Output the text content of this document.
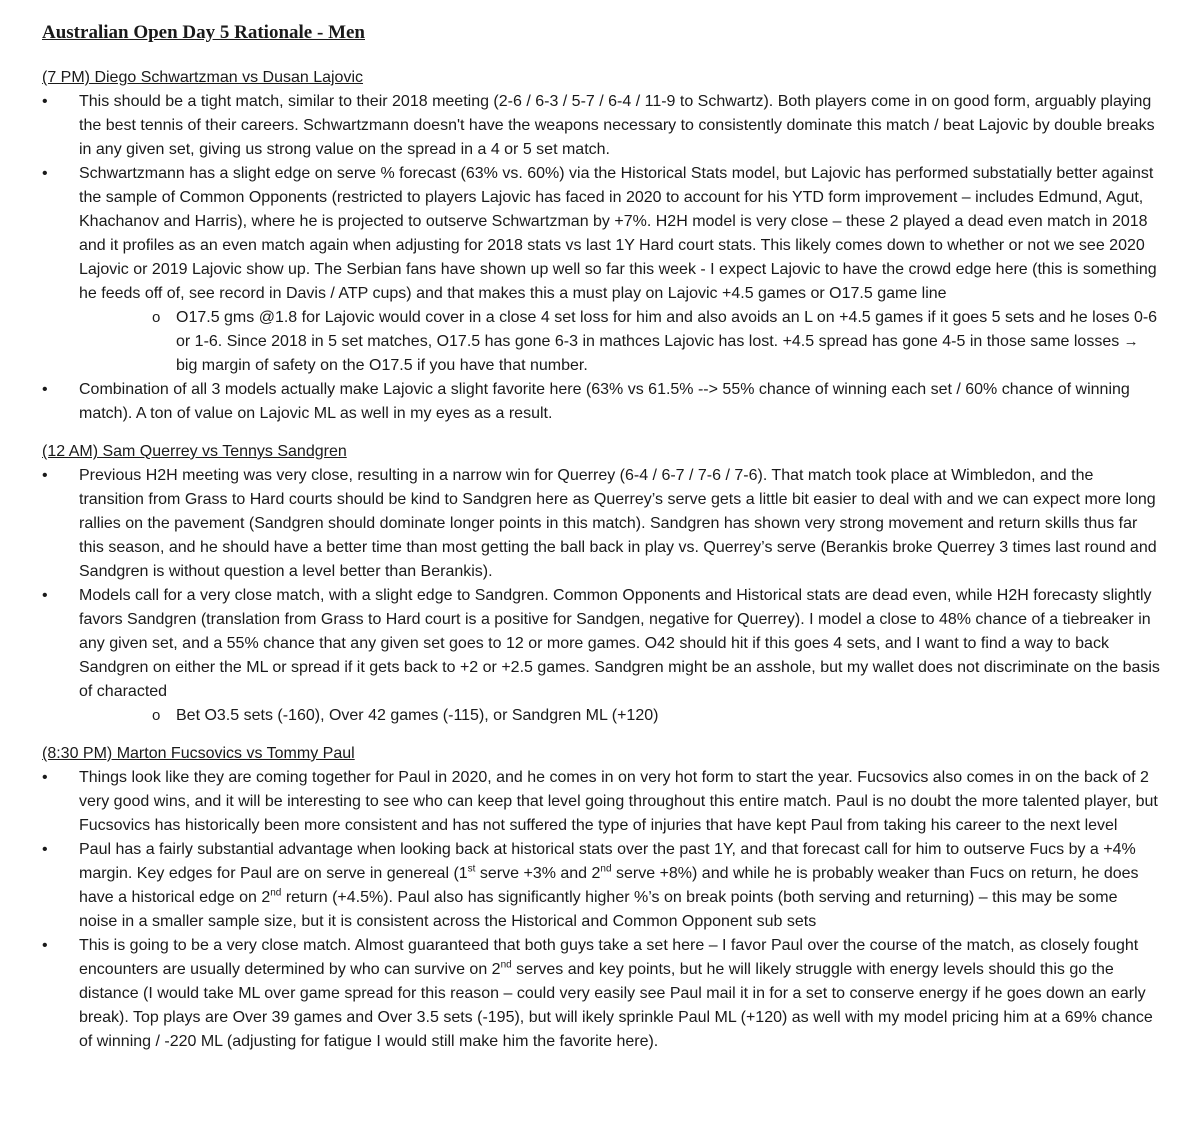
Australian Open Day 5 Rationale - Men
(7 PM) Diego Schwartzman vs Dusan Lajovic
• This should be a tight match, similar to their 2018 meeting (2-6 / 6-3 / 5-7 / 6-4 / 11-9 to Schwartz). Both players come in on good form, arguably playing the best tennis of their careers. Schwartzmann doesn't have the weapons necessary to consistently dominate this match / beat Lajovic by double breaks in any given set, giving us strong value on the spread in a 4 or 5 set match.
• Schwartzmann has a slight edge on serve % forecast (63% vs. 60%) via the Historical Stats model, but Lajovic has performed substatially better against the sample of Common Opponents (restricted to players Lajovic has faced in 2020 to account for his YTD form improvement – includes Edmund, Agut, Khachanov and Harris), where he is projected to outserve Schwartzman by +7%. H2H model is very close – these 2 played a dead even match in 2018 and it profiles as an even match again when adjusting for 2018 stats vs last 1Y Hard court stats. This likely comes down to whether or not we see 2020 Lajovic or 2019 Lajovic show up. The Serbian fans have shown up well so far this week - I expect Lajovic to have the crowd edge here (this is something he feeds off of, see record in Davis / ATP cups) and that makes this a must play on Lajovic +4.5 games or O17.5 game line
o O17.5 gms @1.8 for Lajovic would cover in a close 4 set loss for him and also avoids an L on +4.5 games if it goes 5 sets and he loses 0-6 or 1-6. Since 2018 in 5 set matches, O17.5 has gone 6-3 in mathces Lajovic has lost. +4.5 spread has gone 4-5 in those same losses → big margin of safety on the O17.5 if you have that number.
• Combination of all 3 models actually make Lajovic a slight favorite here (63% vs 61.5% --> 55% chance of winning each set / 60% chance of winning match). A ton of value on Lajovic ML as well in my eyes as a result.
(12 AM) Sam Querrey vs Tennys Sandgren
• Previous H2H meeting was very close, resulting in a narrow win for Querrey (6-4 / 6-7 / 7-6 / 7-6). That match took place at Wimbledon, and the transition from Grass to Hard courts should be kind to Sandgren here as Querrey’s serve gets a little bit easier to deal with and we can expect more long rallies on the pavement (Sandgren should dominate longer points in this match). Sandgren has shown very strong movement and return skills thus far this season, and he should have a better time than most getting the ball back in play vs. Querrey’s serve (Berankis broke Querrey 3 times last round and Sandgren is without question a level better than Berankis).
• Models call for a very close match, with a slight edge to Sandgren. Common Opponents and Historical stats are dead even, while H2H forecasty slightly favors Sandgren (translation from Grass to Hard court is a positive for Sandgen, negative for Querrey). I model a close to 48% chance of a tiebreaker in any given set, and a 55% chance that any given set goes to 12 or more games. O42 should hit if this goes 4 sets, and I want to find a way to back Sandgren on either the ML or spread if it gets back to +2 or +2.5 games. Sandgren might be an asshole, but my wallet does not discriminate on the basis of characted
o Bet O3.5 sets (-160), Over 42 games (-115), or Sandgren ML (+120)
(8:30 PM) Marton Fucsovics vs Tommy Paul
• Things look like they are coming together for Paul in 2020, and he comes in on very hot form to start the year. Fucsovics also comes in on the back of 2 very good wins, and it will be interesting to see who can keep that level going throughout this entire match. Paul is no doubt the more talented player, but Fucsovics has historically been more consistent and has not suffered the type of injuries that have kept Paul from taking his career to the next level
• Paul has a fairly substantial advantage when looking back at historical stats over the past 1Y, and that forecast call for him to outserve Fucs by a +4% margin. Key edges for Paul are on serve in genereal (1st serve +3% and 2nd serve +8%) and while he is probably weaker than Fucs on return, he does have a historical edge on 2nd return (+4.5%). Paul also has significantly higher %’s on break points (both serving and returning) – this may be some noise in a smaller sample size, but it is consistent across the Historical and Common Opponent sub sets
• This is going to be a very close match. Almost guaranteed that both guys take a set here – I favor Paul over the course of the match, as closely fought encounters are usually determined by who can survive on 2nd serves and key points, but he will likely struggle with energy levels should this go the distance (I would take ML over game spread for this reason – could very easily see Paul mail it in for a set to conserve energy if he goes down an early break). Top plays are Over 39 games and Over 3.5 sets (-195), but will ikely sprinkle Paul ML (+120) as well with my model pricing him at a 69% chance of winning / -220 ML (adjusting for fatigue I would still make him the favorite here).
